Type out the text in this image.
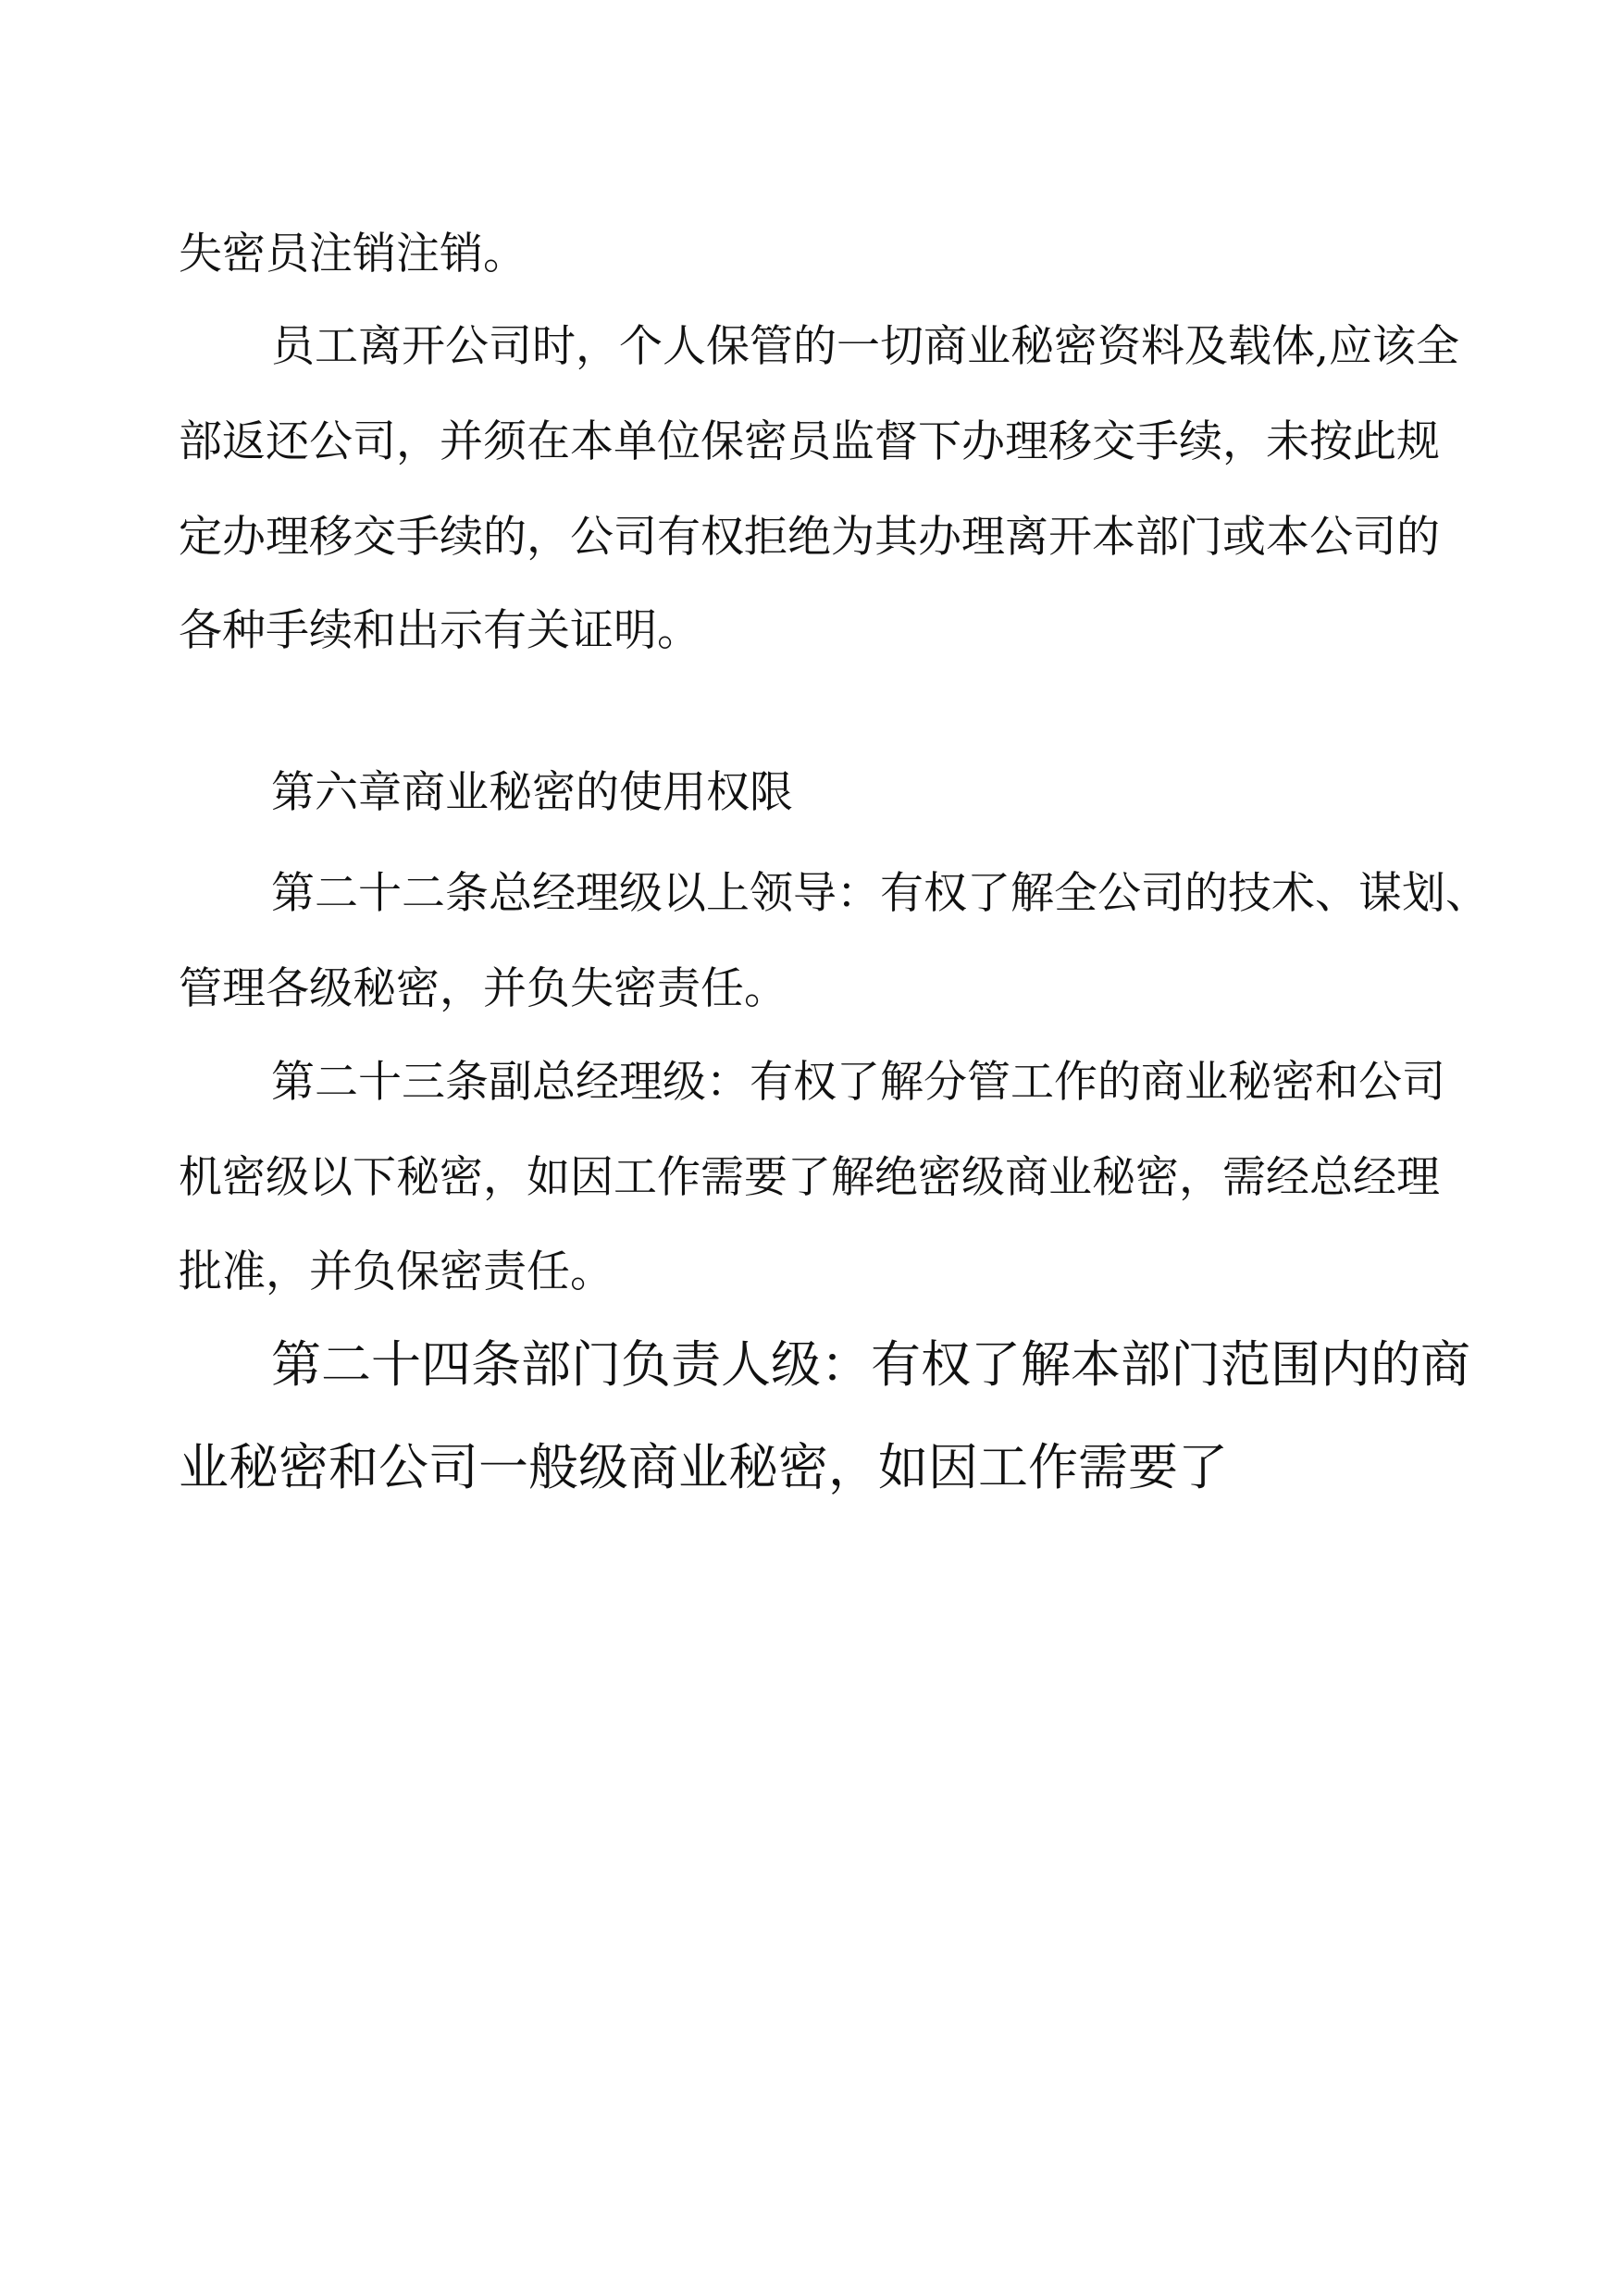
失密员注销注销。
员工离开公司时，个人保管的一切商业秘密资料及载体,应该全
部返还公司，并须在本单位保密员监督下办理移交手续，未按此规
定办理移交手续的，公司有权拒绝为其办理离开本部门或本公司的
各种手续和出示有关证明。
第六章商业秘密的使用权限
第二十二条总经理级以上领导：有权了解全公司的技术、谋划、
管理各级秘密，并负失密责任。
第二十三条副总经理级：有权了解分管工作的商业秘密和公司
机密级以下秘密，如因工作需要了解绝密级商业秘密，需经总经理
批准，并负保密责任。
第二十四条部门负责人级：有权了解本部门范围内的商
业秘密和公司一般级商业秘密，如因工作需要了
